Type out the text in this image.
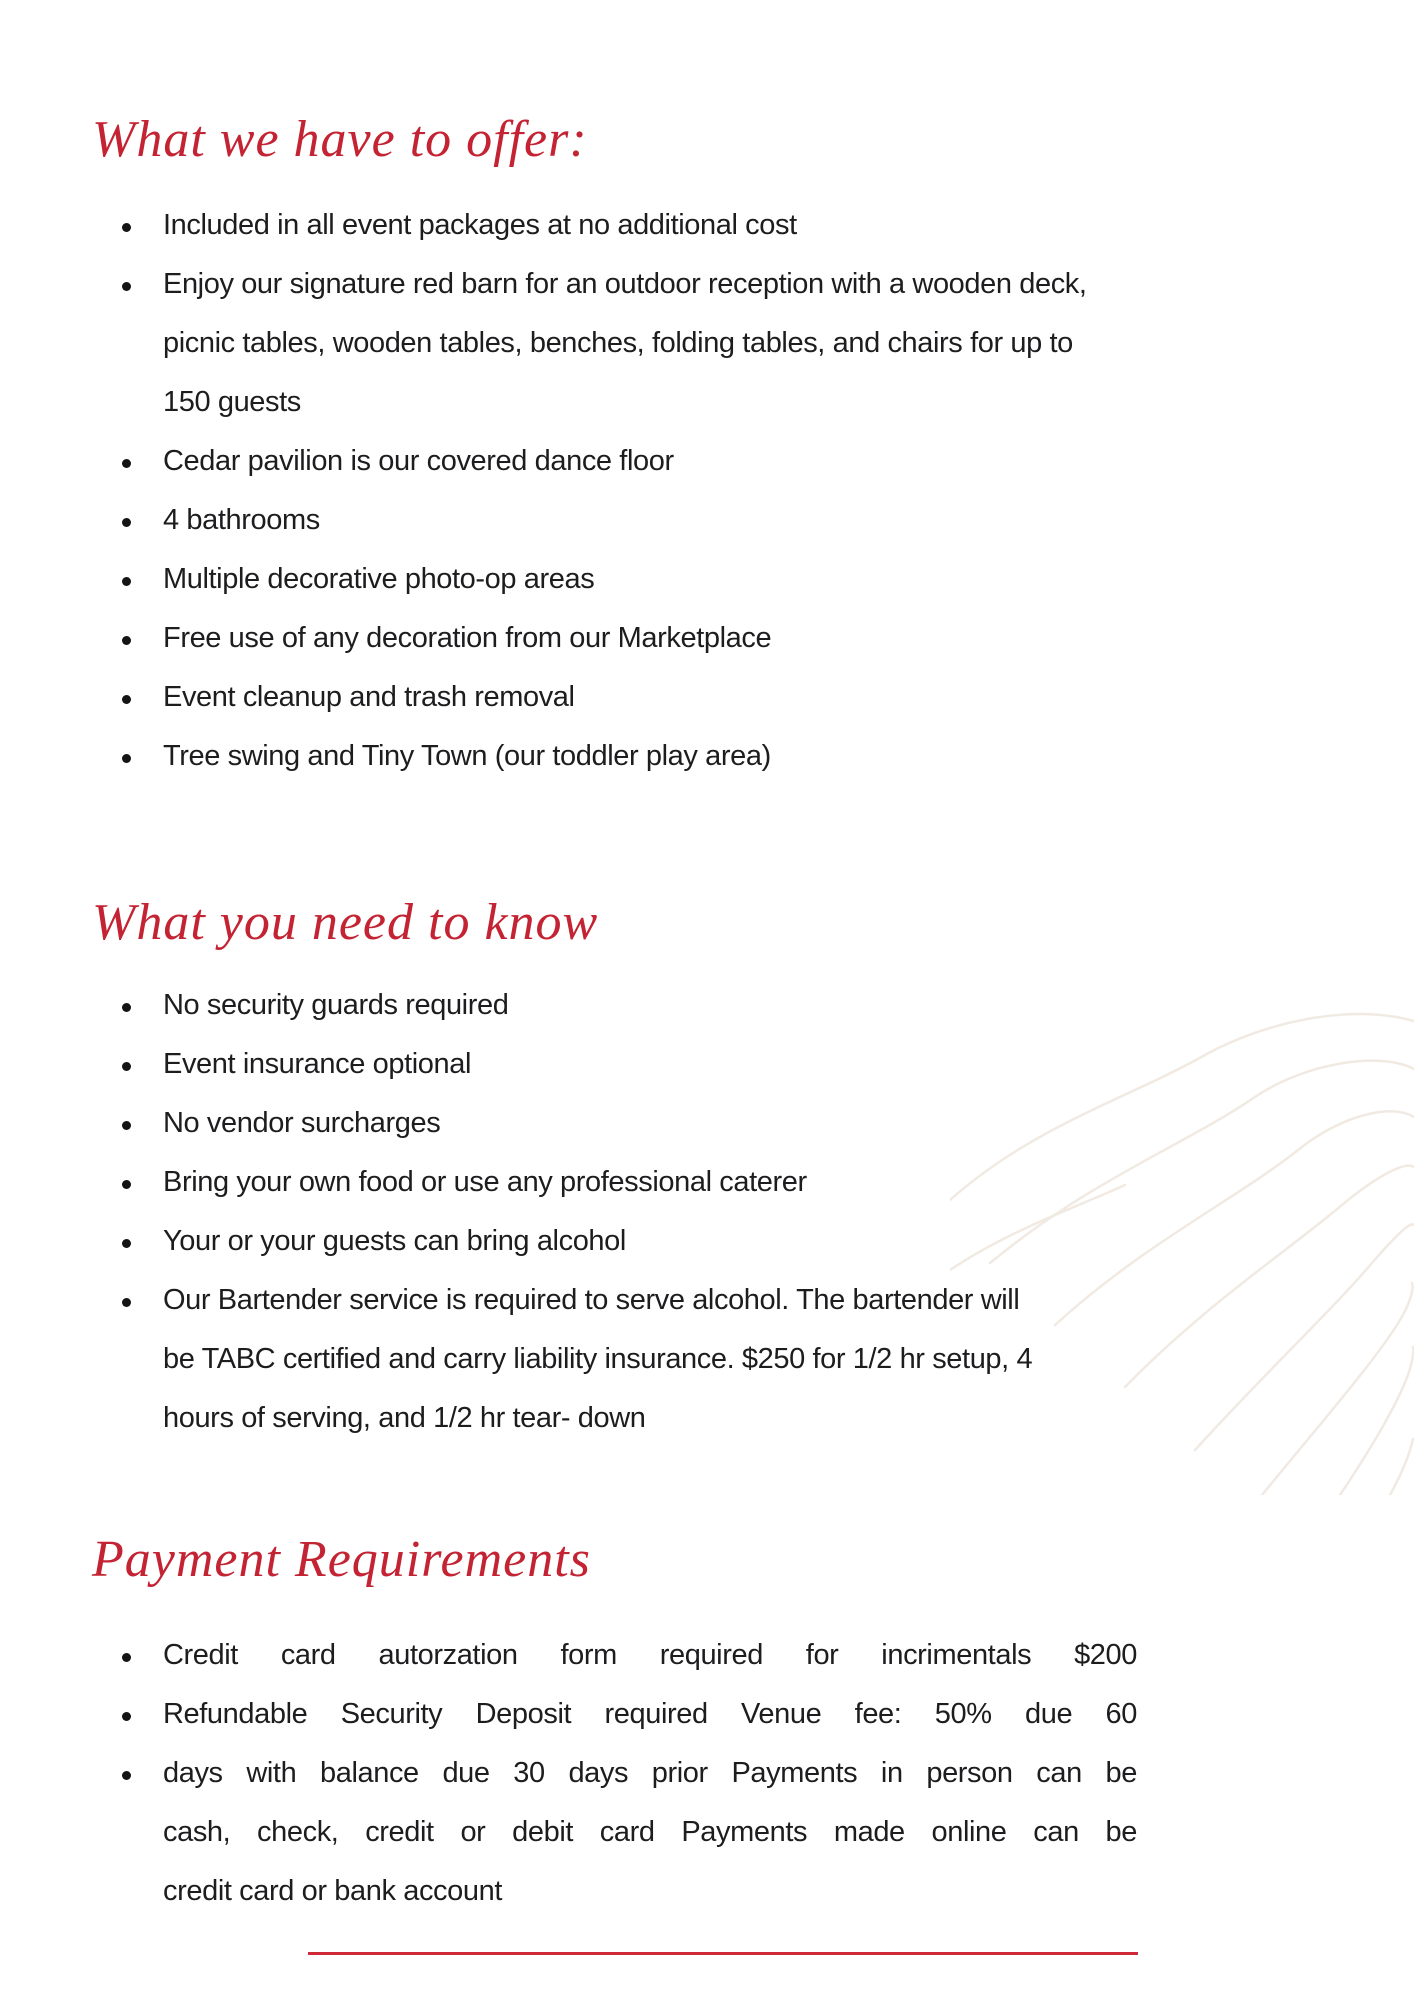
What we have to offer:
Included in all event packages at no additional cost
Enjoy our signature red barn for an outdoor reception with a wooden deck,
picnic tables, wooden tables, benches, folding tables, and chairs for up to
150 guests
Cedar pavilion is our covered dance floor
4 bathrooms
Multiple decorative photo-op areas
Free use of any decoration from our Marketplace
Event cleanup and trash removal
Tree swing and Tiny Town (our toddler play area)
What you need to know
No security guards required
Event insurance optional
No vendor surcharges
Bring your own food or use any professional caterer
Your or your guests can bring alcohol
Our Bartender service is required to serve alcohol. The bartender will
be TABC certified and carry liability insurance. $250 for 1/2 hr setup, 4
hours of serving, and 1/2 hr tear- down
Payment Requirements
Credit card autorzation form required for incrimentals $200
Refundable Security Deposit required Venue fee: 50% due 60
days with balance due 30 days prior Payments in person can be
cash, check, credit or debit card Payments made online can be
credit card or bank account
